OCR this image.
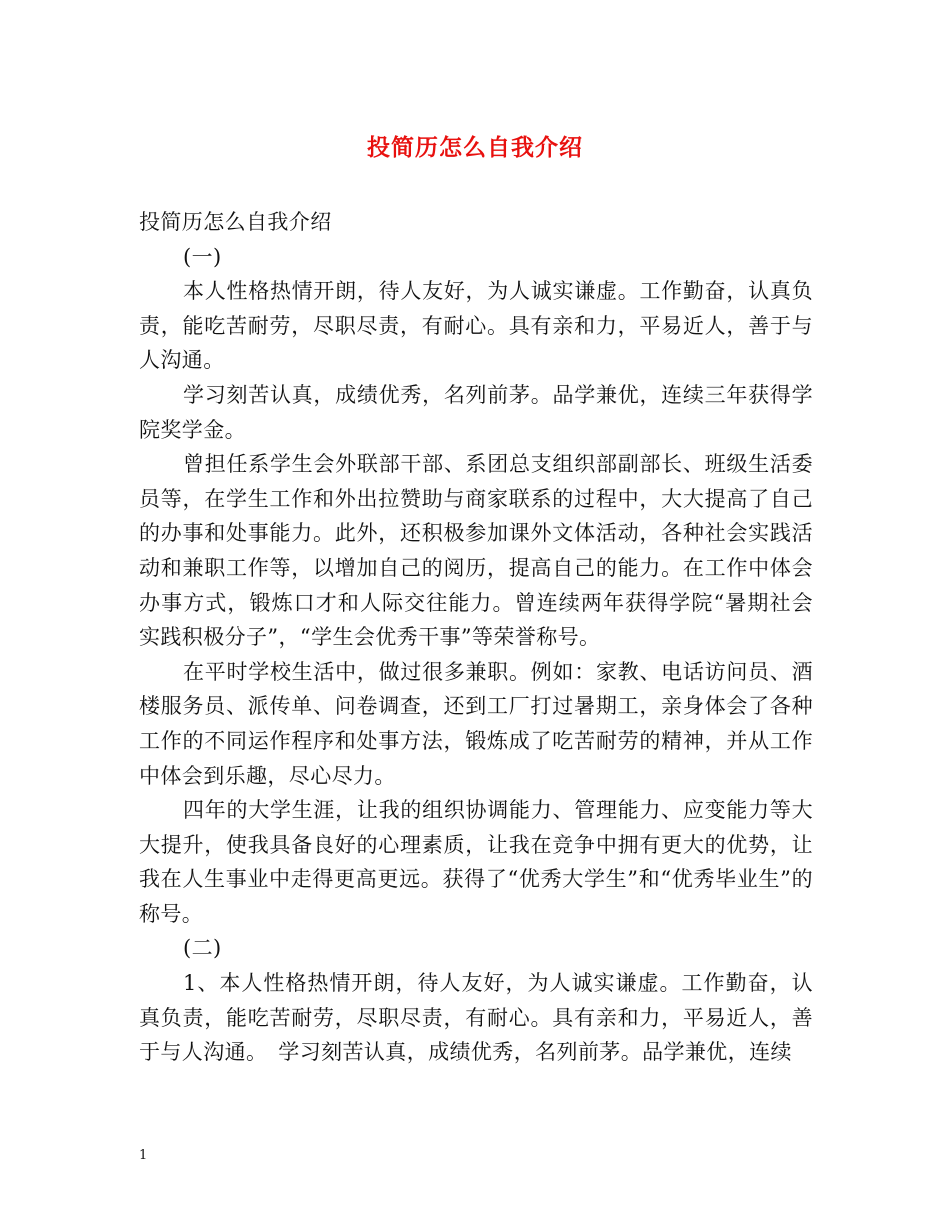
投简历怎么自我介绍

投简历怎么自我介绍

(一)

本人性格热情开朗，待人友好，为人诚实谦虚。工作勤奋，认真负责，能吃苦耐劳，尽职尽责，有耐心。具有亲和力，平易近人，善于与人沟通。

学习刻苦认真，成绩优秀，名列前茅。品学兼优，连续三年获得学院奖学金。

曾担任系学生会外联部干部、系团总支组织部副部长、班级生活委员等，在学生工作和外出拉赞助与商家联系的过程中，大大提高了自己的办事和处事能力。此外，还积极参加课外文体活动，各种社会实践活动和兼职工作等，以增加自己的阅历，提高自己的能力。在工作中体会办事方式，锻炼口才和人际交往能力。曾连续两年获得学院“暑期社会实践积极分子”，“学生会优秀干事”等荣誉称号。

在平时学校生活中，做过很多兼职。例如：家教、电话访问员、酒楼服务员、派传单、问卷调查，还到工厂打过暑期工，亲身体会了各种工作的不同运作程序和处事方法，锻炼成了吃苦耐劳的精神，并从工作中体会到乐趣，尽心尽力。

四年的大学生涯，让我的组织协调能力、管理能力、应变能力等大大提升，使我具备良好的心理素质，让我在竞争中拥有更大的优势，让我在人生事业中走得更高更远。获得了“优秀大学生”和“优秀毕业生”的称号。

(二)

1、本人性格热情开朗，待人友好，为人诚实谦虚。工作勤奋，认真负责，能吃苦耐劳，尽职尽责，有耐心。具有亲和力，平易近人，善于与人沟通。　学习刻苦认真，成绩优秀，名列前茅。品学兼优，连续

1
